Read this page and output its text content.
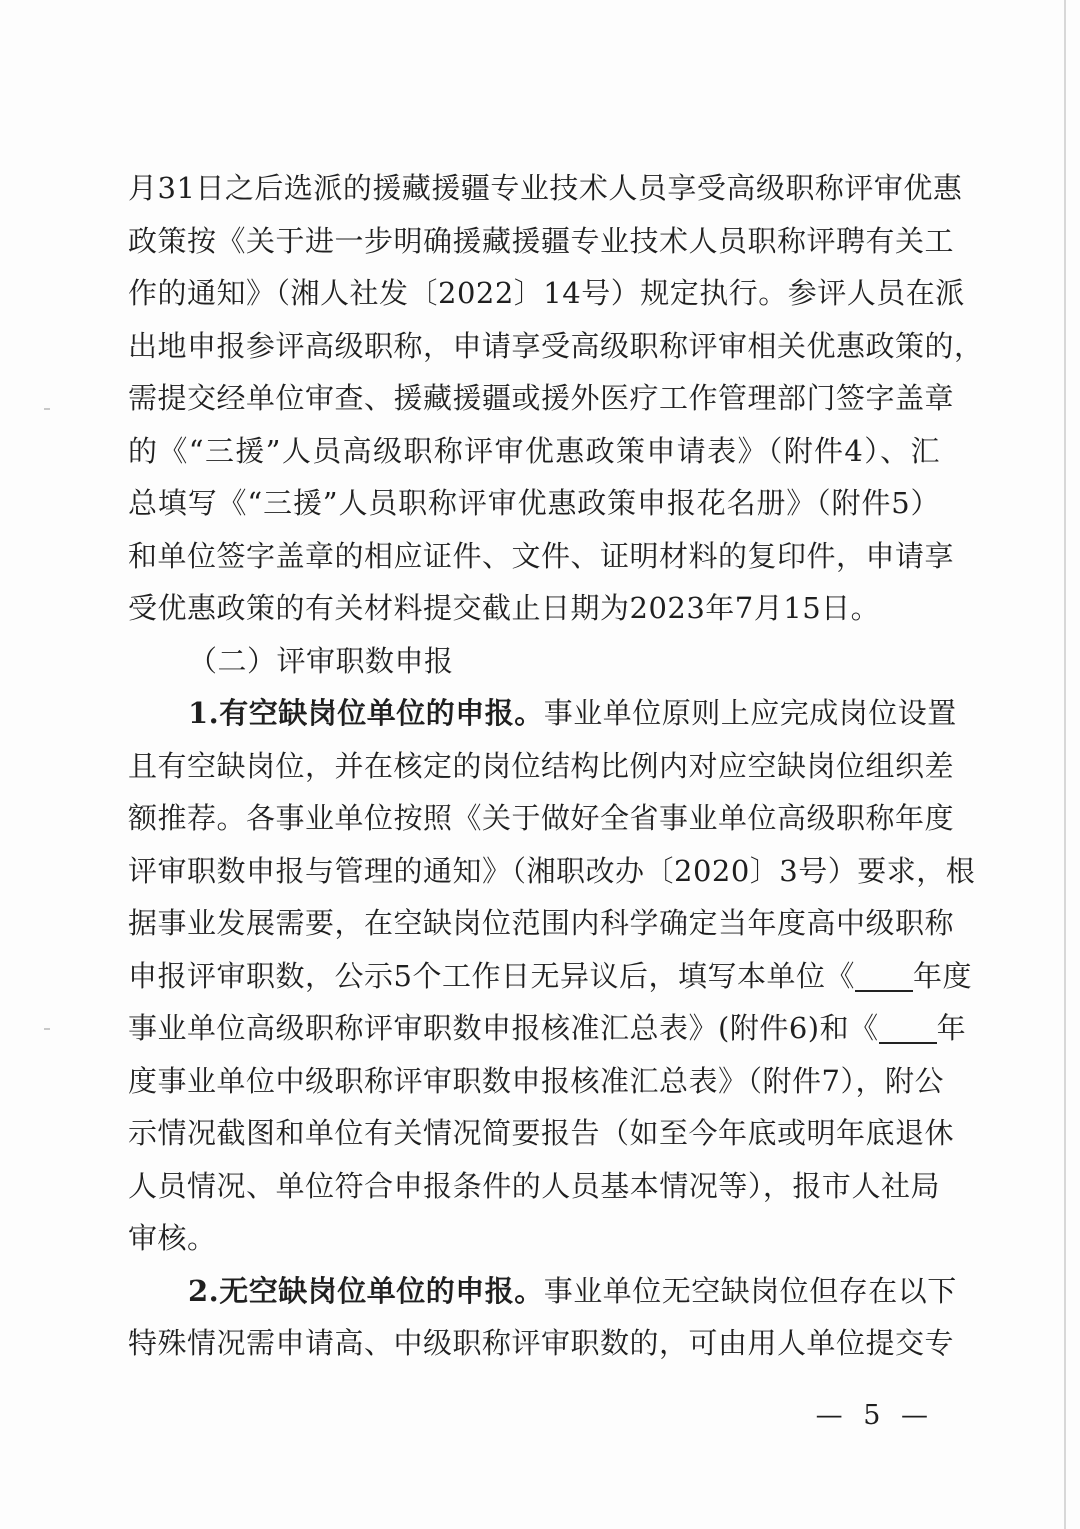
月31日之后选派的援藏援疆专业技术人员享受高级职称评审优惠
政策按《关于进一步明确援藏援疆专业技术人员职称评聘有关工
作的通知》（湘人社发〔2022〕14号）规定执行。参评人员在派
出地申报参评高级职称，申请享受高级职称评审相关优惠政策的，
需提交经单位审查、援藏援疆或援外医疗工作管理部门签字盖章
的《“三援”人员高级职称评审优惠政策申请表》（附件4）、汇
总填写《“三援”人员职称评审优惠政策申报花名册》（附件5）
和单位签字盖章的相应证件、文件、证明材料的复印件，申请享
受优惠政策的有关材料提交截止日期为2023年7月15日。
（二）评审职数申报
1.有空缺岗位单位的申报。事业单位原则上应完成岗位设置
且有空缺岗位，并在核定的岗位结构比例内对应空缺岗位组织差
额推荐。各事业单位按照《关于做好全省事业单位高级职称年度
评审职数申报与管理的通知》（湘职改办〔2020〕3号）要求，根
据事业发展需要，在空缺岗位范围内科学确定当年度高中级职称
申报评审职数，公示5个工作日无异议后，填写本单位《 年度
事业单位高级职称评审职数申报核准汇总表》(附件6)和《 年
度事业单位中级职称评审职数申报核准汇总表》（附件7），附公
示情况截图和单位有关情况简要报告（如至今年底或明年底退休
人员情况、单位符合申报条件的人员基本情况等），报市人社局
审核。
2.无空缺岗位单位的申报。事业单位无空缺岗位但存在以下
特殊情况需申请高、中级职称评审职数的，可由用人单位提交专
— 5 —
